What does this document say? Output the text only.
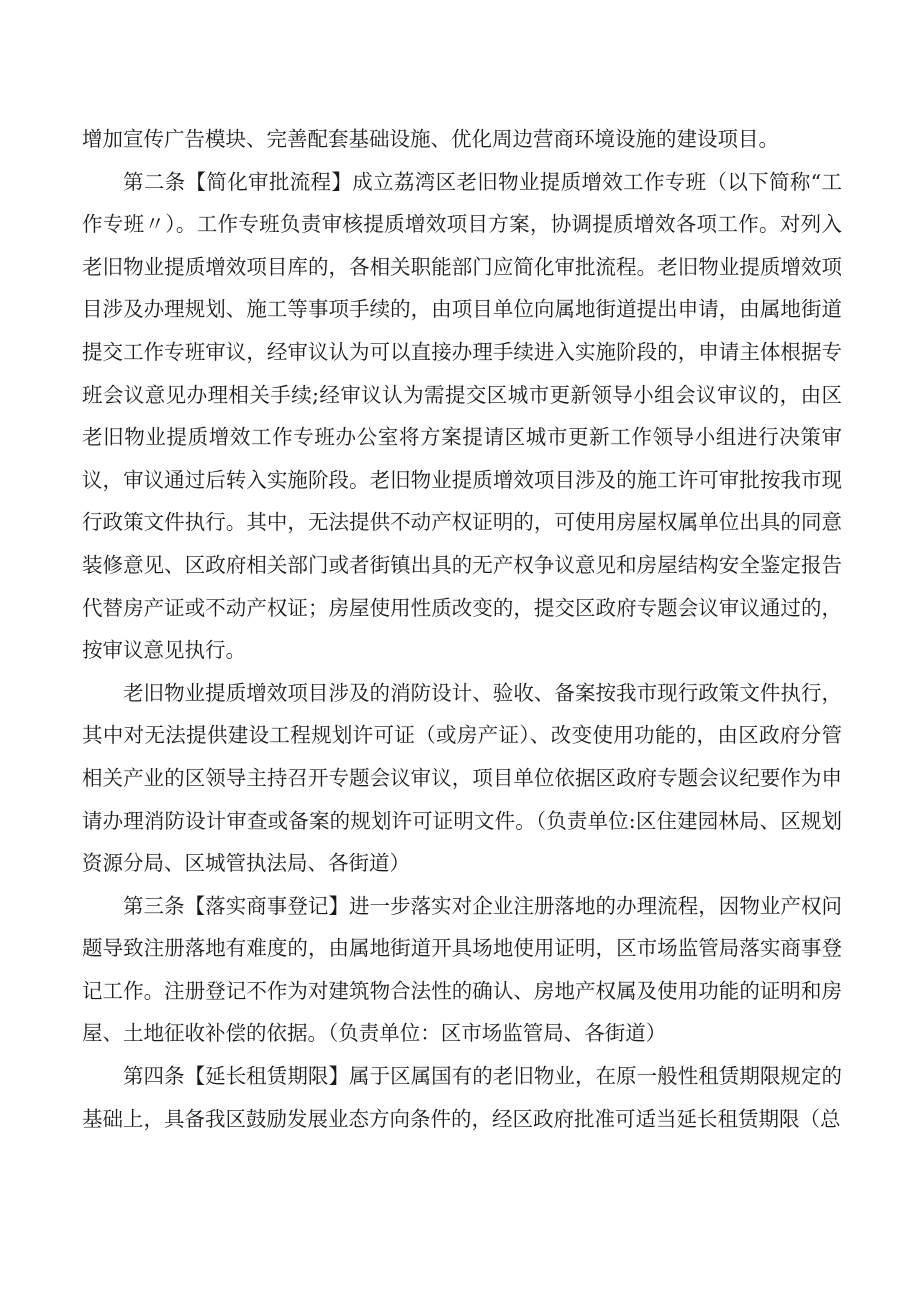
增加宣传广告模块、完善配套基础设施、优化周边营商环境设施的建设项目。

第二条【简化审批流程】成立荔湾区老旧物业提质增效工作专班（以下简称“工作专班〃）。工作专班负责审核提质增效项目方案，协调提质增效各项工作。对列入老旧物业提质增效项目库的，各相关职能部门应简化审批流程。老旧物业提质增效项目涉及办理规划、施工等事项手续的，由项目单位向属地街道提出申请，由属地街道提交工作专班审议，经审议认为可以直接办理手续进入实施阶段的，申请主体根据专班会议意见办理相关手续;经审议认为需提交区城市更新领导小组会议审议的，由区老旧物业提质增效工作专班办公室将方案提请区城市更新工作领导小组进行决策审议，审议通过后转入实施阶段。老旧物业提质增效项目涉及的施工许可审批按我市现行政策文件执行。其中，无法提供不动产权证明的，可使用房屋权属单位出具的同意装修意见、区政府相关部门或者街镇出具的无产权争议意见和房屋结构安全鉴定报告代替房产证或不动产权证；房屋使用性质改变的，提交区政府专题会议审议通过的，按审议意见执行。

老旧物业提质增效项目涉及的消防设计、验收、备案按我市现行政策文件执行，其中对无法提供建设工程规划许可证（或房产证）、改变使用功能的，由区政府分管相关产业的区领导主持召开专题会议审议，项目单位依据区政府专题会议纪要作为申请办理消防设计审查或备案的规划许可证明文件。（负责单位:区住建园林局、区规划资源分局、区城管执法局、各街道）

第三条【落实商事登记】进一步落实对企业注册落地的办理流程，因物业产权问题导致注册落地有难度的，由属地街道开具场地使用证明，区市场监管局落实商事登记工作。注册登记不作为对建筑物合法性的确认、房地产权属及使用功能的证明和房屋、土地征收补偿的依据。（负责单位：区市场监管局、各街道）

第四条【延长租赁期限】属于区属国有的老旧物业，在原一般性租赁期限规定的基础上，具备我区鼓励发展业态方向条件的，经区政府批准可适当延长租赁期限（总
